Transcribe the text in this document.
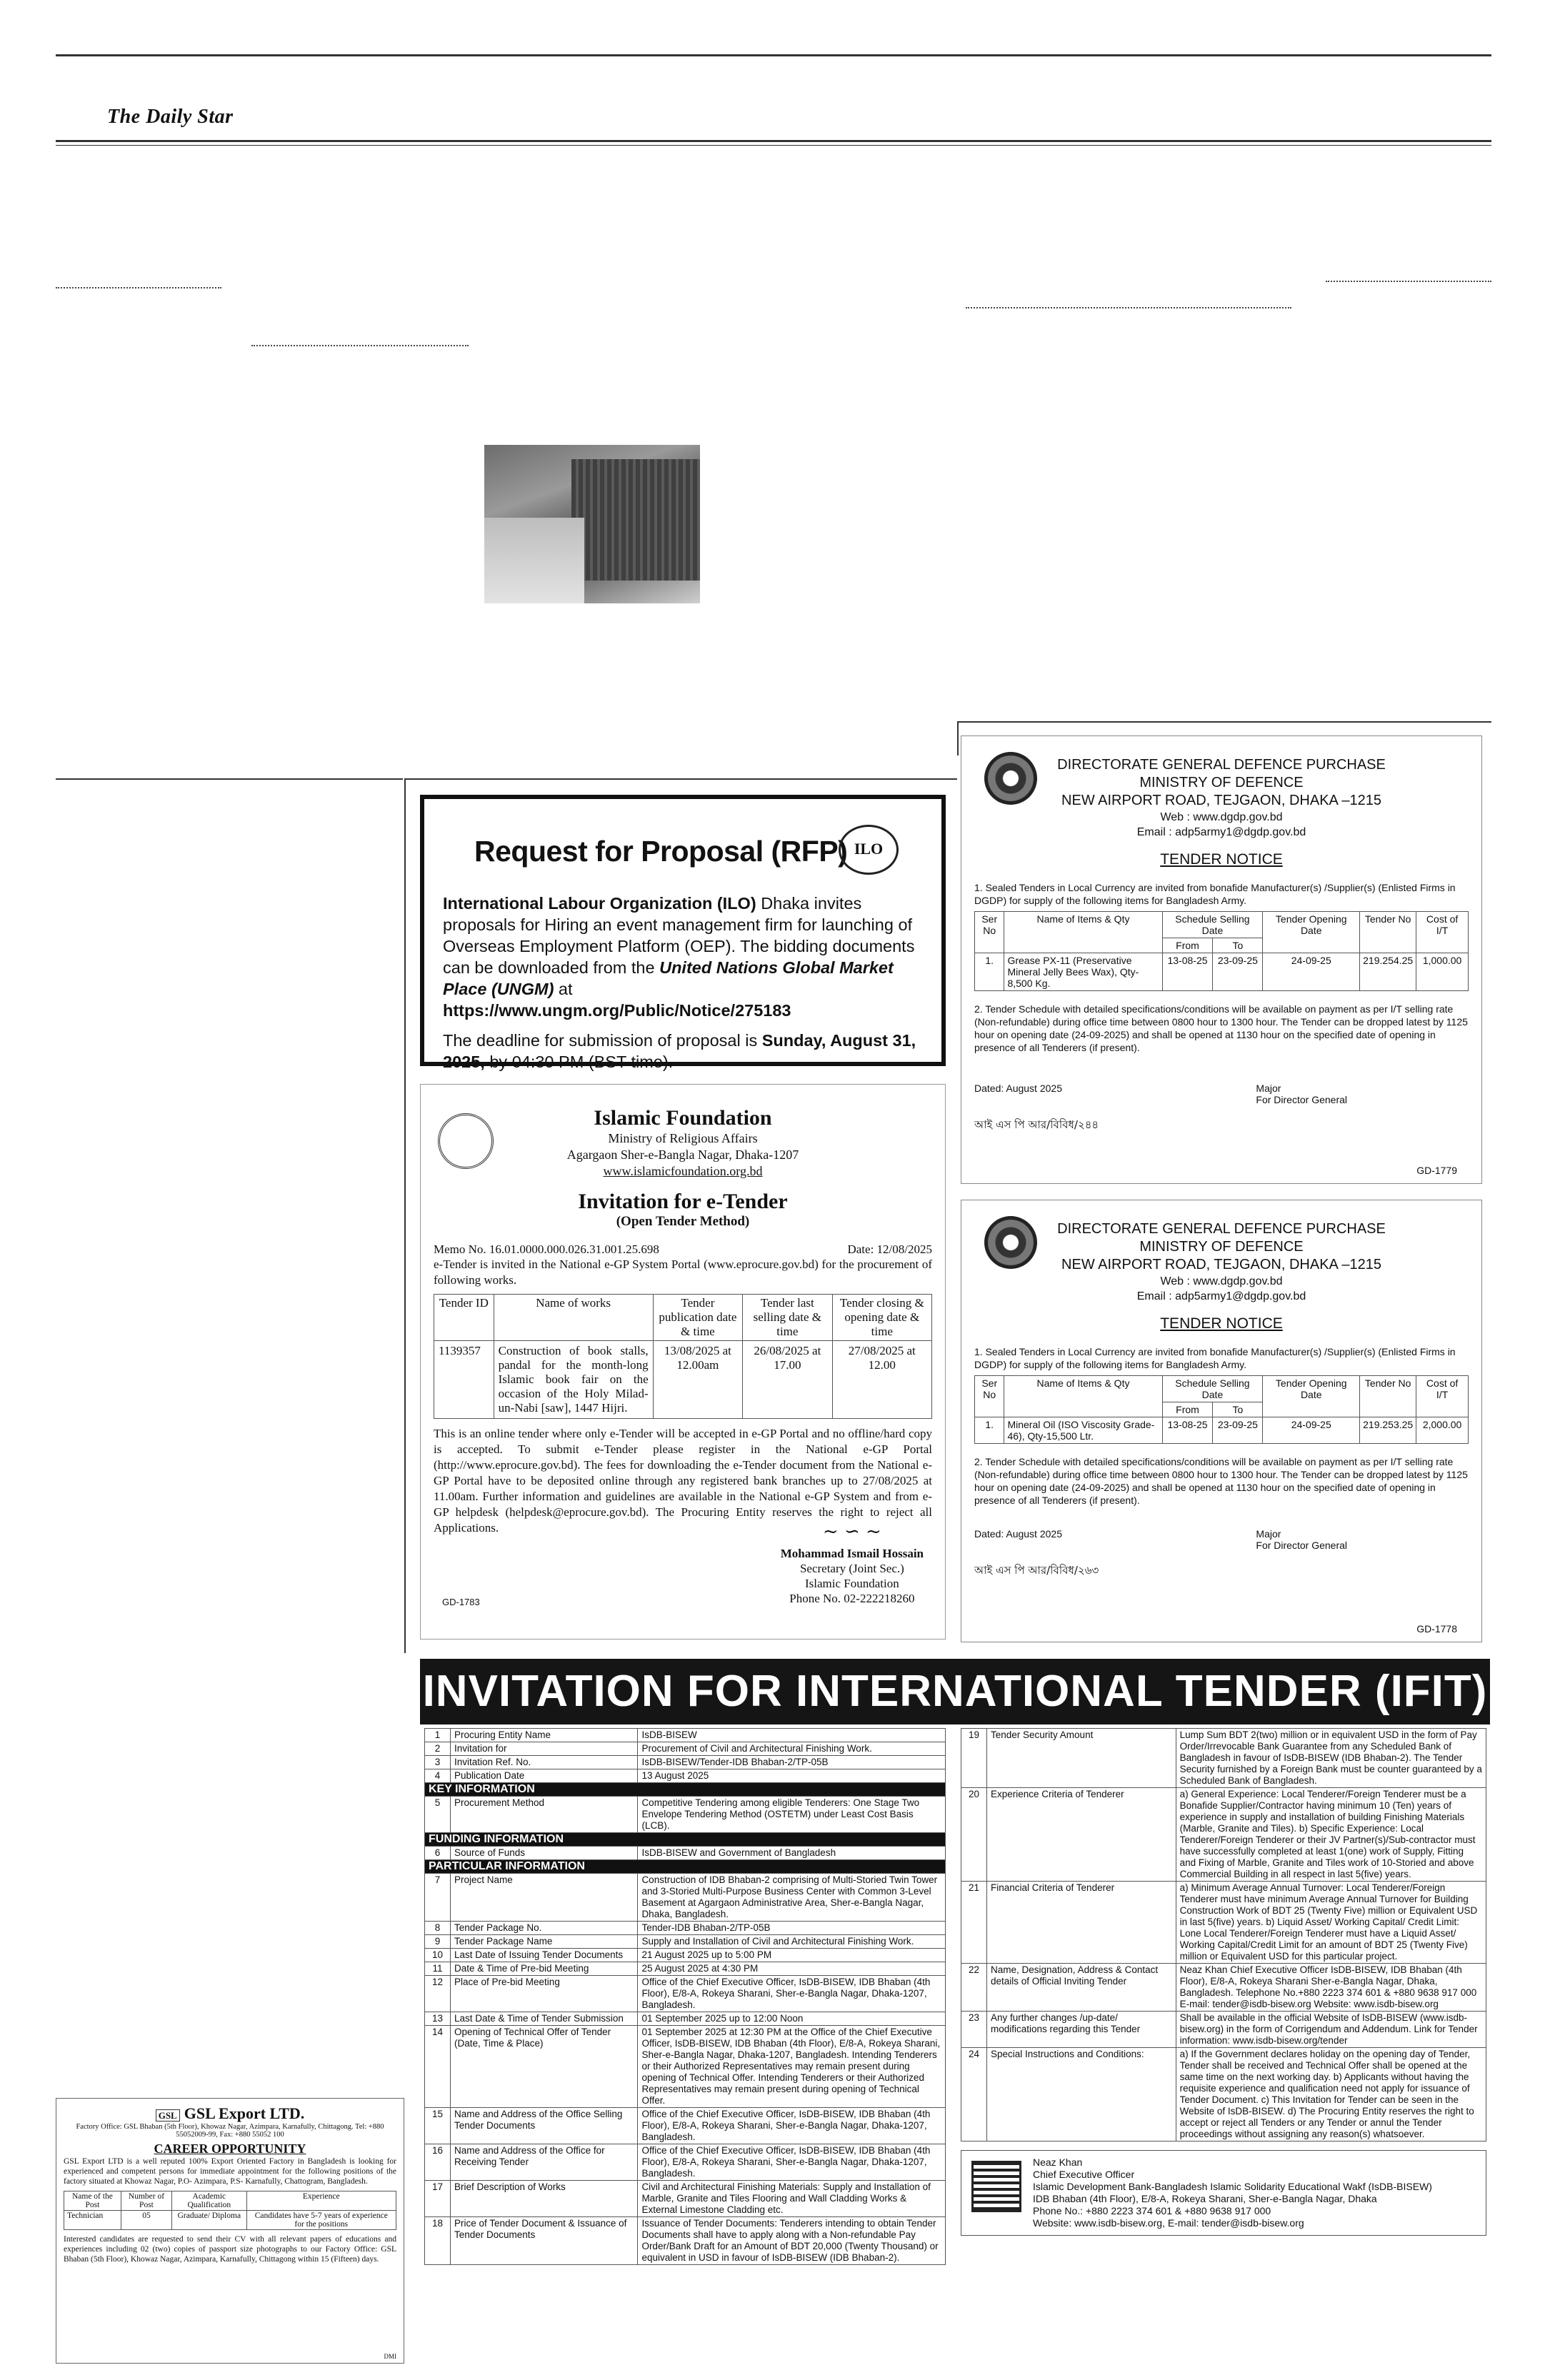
The Daily Star
ILO
Request for Proposal (RFP)

International Labour Organization (ILO) Dhaka invites proposals for Hiring an event management firm for launching of Overseas Employment Platform (OEP). The bidding documents can be downloaded from the United Nations Global Market Place (UNGM) at https://www.ungm.org/Public/Notice/275183

The deadline for submission of proposal is Sunday, August 31, 2025, by 04:30 PM (BST time).

Islamic Foundation
Ministry of Religious Affairs
Agargaon Sher-e-Bangla Nagar, Dhaka-1207
www.islamicfoundation.org.bd
Invitation for e-Tender
(Open Tender Method)
Memo No. 16.01.0000.000.026.31.001.25.698	Date: 12/08/2025

e-Tender is invited in the National e-GP System Portal (www.eprocure.gov.bd) for the procurement of following works.

Tender ID	Name of works	Tender publication date & time	Tender last selling date & time	Tender closing & opening date & time
1139357	Construction of book stalls, pandal for the month-long Islamic book fair on the occasion of the Holy Milad-un-Nabi [saw], 1447 Hijri.	13/08/2025 at 12.00am	26/08/2025 at 17.00	27/08/2025 at 12.00

This is an online tender where only e-Tender will be accepted in e-GP Portal and no offline/hard copy is accepted. To submit e-Tender please register in the National e-GP Portal (http://www.eprocure.gov.bd). The fees for downloading the e-Tender document from the National e-GP Portal have to be deposited online through any registered bank branches up to 27/08/2025 at 11.00am. Further information and guidelines are available in the National e-GP System and from e-GP helpdesk (helpdesk@eprocure.gov.bd). The Procuring Entity reserves the right to reject all Applications.	~ ∽ ~
Mohammad Ismail Hossain
Secretary (Joint Sec.)
Islamic Foundation
Phone No. 02-222218260
GD-1783
DIRECTORATE GENERAL DEFENCE PURCHASE
MINISTRY OF DEFENCE
NEW AIRPORT ROAD, TEJGAON, DHAKA –1215
Web : www.dgdp.gov.bd
Email : adp5army1@dgdp.gov.bd
TENDER NOTICE

1. Sealed Tenders in Local Currency are invited from bonafide Manufacturer(s) /Supplier(s) (Enlisted Firms in DGDP) for supply of the following items for Bangladesh Army.

Ser No	Name of Items & Qty	Schedule Selling Date		Tender Opening Date	Tender No	Cost of I/T
		From	To			
1.	Grease PX-11 (Preservative Mineral Jelly Bees Wax), Qty-8,500 Kg.	13-08-25	23-09-25	24-09-25	219.254.25	1,000.00

2. Tender Schedule with detailed specifications/conditions will be available on payment as per I/T selling rate (Non-refundable) during office time between 0800 hour to 1300 hour. The Tender can be dropped latest by 1125 hour on opening date (24-09-2025) and shall be opened at 1130 hour on the specified date of opening in presence of all Tenderers (if present).

Dated: August 2025	Major
For Director General
আই এস পি আর/বিবিধ/২৪৪
GD-1779
DIRECTORATE GENERAL DEFENCE PURCHASE
MINISTRY OF DEFENCE
NEW AIRPORT ROAD, TEJGAON, DHAKA –1215
Web : www.dgdp.gov.bd
Email : adp5army1@dgdp.gov.bd
TENDER NOTICE

1. Sealed Tenders in Local Currency are invited from bonafide Manufacturer(s) /Supplier(s) (Enlisted Firms in DGDP) for supply of the following items for Bangladesh Army.

Ser No	Name of Items & Qty	Schedule Selling Date		Tender Opening Date	Tender No	Cost of I/T
		From	To			
1.	Mineral Oil (ISO Viscosity Grade-46), Qty-15,500 Ltr.	13-08-25	23-09-25	24-09-25	219.253.25	2,000.00

2. Tender Schedule with detailed specifications/conditions will be available on payment as per I/T selling rate (Non-refundable) during office time between 0800 hour to 1300 hour. The Tender can be dropped latest by 1125 hour on opening date (24-09-2025) and shall be opened at 1130 hour on the specified date of opening in presence of all Tenderers (if present).

Dated: August 2025	Major
For Director General
আই এস পি আর/বিবিধ/২৬৩
GD-1778
INVITATION FOR INTERNATIONAL TENDER (IFIT)
1	Procuring Entity Name	IsDB-BISEW
2	Invitation for	Procurement of Civil and Architectural Finishing Work.
3	Invitation Ref. No.	IsDB-BISEW/Tender-IDB Bhaban-2/TP-05B
4	Publication Date	13 August 2025
KEY INFORMATION		
5	Procurement Method	Competitive Tendering among eligible Tenderers: One Stage Two Envelope Tendering Method (OSTETM) under Least Cost Basis (LCB).
FUNDING INFORMATION		
6	Source of Funds	IsDB-BISEW and Government of Bangladesh
PARTICULAR INFORMATION		
7	Project Name	Construction of IDB Bhaban-2 comprising of Multi-Storied Twin Tower and 3-Storied Multi-Purpose Business Center with Common 3-Level Basement at Agargaon Administrative Area, Sher-e-Bangla Nagar, Dhaka, Bangladesh.
8	Tender Package No.	Tender-IDB Bhaban-2/TP-05B
9	Tender Package Name	Supply and Installation of Civil and Architectural Finishing Work.
10	Last Date of Issuing Tender Documents	21 August 2025 up to 5:00 PM
11	Date & Time of Pre-bid Meeting	25 August 2025 at 4:30 PM
12	Place of Pre-bid Meeting	Office of the Chief Executive Officer, IsDB-BISEW, IDB Bhaban (4th Floor), E/8-A, Rokeya Sharani, Sher-e-Bangla Nagar, Dhaka-1207, Bangladesh.
13	Last Date & Time of Tender Submission	01 September 2025 up to 12:00 Noon
14	Opening of Technical Offer of Tender (Date, Time & Place)	01 September 2025 at 12:30 PM at the Office of the Chief Executive Officer, IsDB-BISEW, IDB Bhaban (4th Floor), E/8-A, Rokeya Sharani, Sher-e-Bangla Nagar, Dhaka-1207, Bangladesh. Intending Tenderers or their Authorized Representatives may remain present during opening of Technical Offer. Intending Tenderers or their Authorized Representatives may remain present during opening of Technical Offer.
15	Name and Address of the Office Selling Tender Documents	Office of the Chief Executive Officer, IsDB-BISEW, IDB Bhaban (4th Floor), E/8-A, Rokeya Sharani, Sher-e-Bangla Nagar, Dhaka-1207, Bangladesh.
16	Name and Address of the Office for Receiving Tender	Office of the Chief Executive Officer, IsDB-BISEW, IDB Bhaban (4th Floor), E/8-A, Rokeya Sharani, Sher-e-Bangla Nagar, Dhaka-1207, Bangladesh.
17	Brief Description of Works	Civil and Architectural Finishing Materials: Supply and Installation of Marble, Granite and Tiles Flooring and Wall Cladding Works & External Limestone Cladding etc.
18	Price of Tender Document & Issuance of Tender Documents	Issuance of Tender Documents: Tenderers intending to obtain Tender Documents shall have to apply along with a Non-refundable Pay Order/Bank Draft for an Amount of BDT 20,000 (Twenty Thousand) or equivalent in USD in favour of IsDB-BISEW (IDB Bhaban-2).
19	Tender Security Amount	Lump Sum BDT 2(two) million or in equivalent USD in the form of Pay Order/Irrevocable Bank Guarantee from any Scheduled Bank of Bangladesh in favour of IsDB-BISEW (IDB Bhaban-2). The Tender Security furnished by a Foreign Bank must be counter guaranteed by a Scheduled Bank of Bangladesh.
20	Experience Criteria of Tenderer	a) General Experience: Local Tenderer/Foreign Tenderer must be a Bonafide Supplier/Contractor having minimum 10 (Ten) years of experience in supply and installation of building Finishing Materials (Marble, Granite and Tiles). b) Specific Experience: Local Tenderer/Foreign Tenderer or their JV Partner(s)/Sub-contractor must have successfully completed at least 1(one) work of Supply, Fitting and Fixing of Marble, Granite and Tiles work of 10-Storied and above Commercial Building in all respect in last 5(five) years.
21	Financial Criteria of Tenderer	a) Minimum Average Annual Turnover: Local Tenderer/Foreign Tenderer must have minimum Average Annual Turnover for Building Construction Work of BDT 25 (Twenty Five) million or Equivalent USD in last 5(five) years. b) Liquid Asset/ Working Capital/ Credit Limit: Lone Local Tenderer/Foreign Tenderer must have a Liquid Asset/ Working Capital/Credit Limit for an amount of BDT 25 (Twenty Five) million or Equivalent USD for this particular project.
22	Name, Designation, Address & Contact details of Official Inviting Tender	Neaz Khan Chief Executive Officer IsDB-BISEW, IDB Bhaban (4th Floor), E/8-A, Rokeya Sharani Sher-e-Bangla Nagar, Dhaka, Bangladesh. Telephone No.+880 2223 374 601 & +880 9638 917 000 E-mail: tender@isdb-bisew.org Website: www.isdb-bisew.org
23	Any further changes /up-date/ modifications regarding this Tender	Shall be available in the official Website of IsDB-BISEW (www.isdb-bisew.org) in the form of Corrigendum and Addendum. Link for Tender information: www.isdb-bisew.org/tender
24	Special Instructions and Conditions:	a) If the Government declares holiday on the opening day of Tender, Tender shall be received and Technical Offer shall be opened at the same time on the next working day. b) Applicants without having the requisite experience and qualification need not apply for issuance of Tender Document. c) This Invitation for Tender can be seen in the Website of IsDB-BISEW. d) The Procuring Entity reserves the right to accept or reject all Tenders or any Tender or annul the Tender proceedings without assigning any reason(s) whatsoever.
Neaz Khan
Chief Executive Officer
Islamic Development Bank-Bangladesh Islamic Solidarity Educational Wakf (IsDB-BISEW)
IDB Bhaban (4th Floor), E/8-A, Rokeya Sharani, Sher-e-Bangla Nagar, Dhaka
Phone No.: +880 2223 374 601 & +880 9638 917 000
Website: www.isdb-bisew.org, E-mail: tender@isdb-bisew.org
GSL GSL Export LTD.
Factory Office: GSL Bhaban (5th Floor), Khowaz Nagar, Azimpara, Karnafully, Chittagong. Tel: +880 55052009-99, Fax: +880 55052 100
CAREER OPPORTUNITY

GSL Export LTD is a well reputed 100% Export Oriented Factory in Bangladesh is looking for experienced and competent persons for immediate appointment for the following positions of the factory situated at Khowaz Nagar, P.O- Azimpara, P.S- Karnafully, Chattogram, Bangladesh.

Name of the Post	Number of Post	Academic Qualification	Experience
Technician	05	Graduate/ Diploma	Candidates have 5-7 years of experience for the positions

Interested candidates are requested to send their CV with all relevant papers of educations and experiences including 02 (two) copies of passport size photographs to our Factory Office: GSL Bhaban (5th Floor), Khowaz Nagar, Azimpara, Karnafully, Chittagong within 15 (Fifteen) days.

DMI
